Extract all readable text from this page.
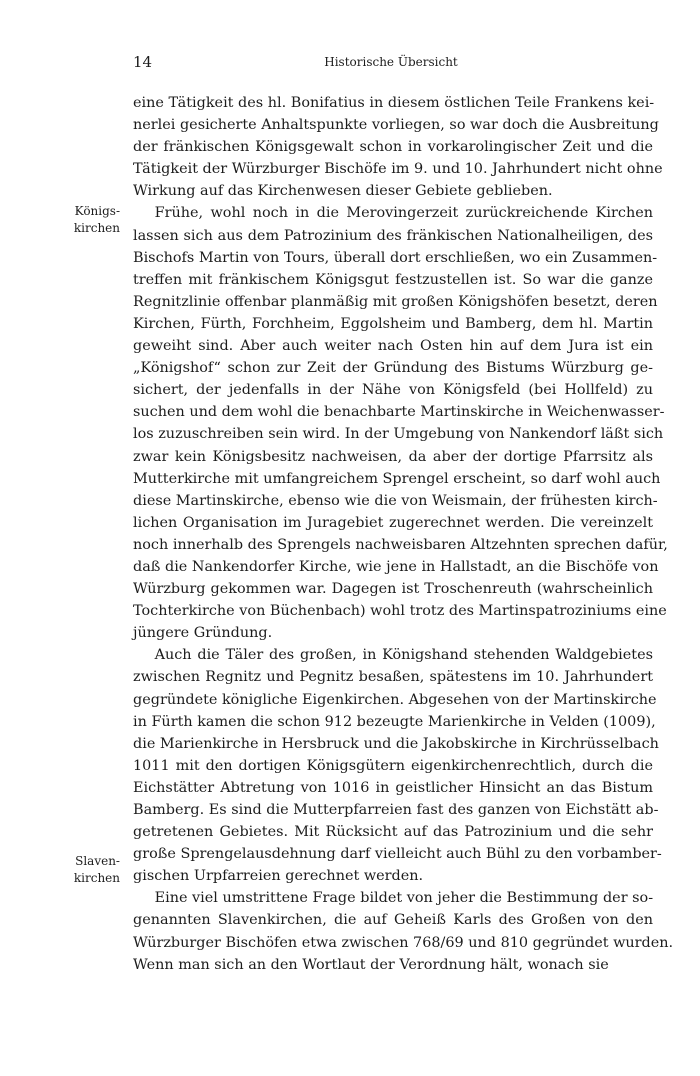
14	Historische Übersicht
Königs-
kirchen
Slaven-
kirchen
eine Tätigkeit des hl. Bonifatius in diesem östlichen Teile Frankens kei-
nerlei gesicherte Anhaltspunkte vorliegen, so war doch die Ausbreitung
der fränkischen Königsgewalt schon in vorkarolingischer Zeit und die
Tätigkeit der Würzburger Bischöfe im 9. und 10. Jahrhundert nicht ohne
Wirkung auf das Kirchenwesen dieser Gebiete geblieben.
  Frühe, wohl noch in die Merovingerzeit zurückreichende Kirchen
lassen sich aus dem Patrozinium des fränkischen Nationalheiligen, des
Bischofs Martin von Tours, überall dort erschließen, wo ein Zusammen-
treffen mit fränkischem Königsgut festzustellen ist. So war die ganze
Regnitzlinie offenbar planmäßig mit großen Königshöfen besetzt, deren
Kirchen, Fürth, Forchheim, Eggolsheim und Bamberg, dem hl. Martin
geweiht sind. Aber auch weiter nach Osten hin auf dem Jura ist ein
„Königshof“ schon zur Zeit der Gründung des Bistums Würzburg ge-
sichert, der jedenfalls in der Nähe von Königsfeld (bei Hollfeld) zu
suchen und dem wohl die benachbarte Martinskirche in Weichenwasser-
los zuzuschreiben sein wird. In der Umgebung von Nankendorf läßt sich
zwar kein Königsbesitz nachweisen, da aber der dortige Pfarrsitz als
Mutterkirche mit umfangreichem Sprengel erscheint, so darf wohl auch
diese Martinskirche, ebenso wie die von Weismain, der frühesten kirch-
lichen Organisation im Juragebiet zugerechnet werden. Die vereinzelt
noch innerhalb des Sprengels nachweisbaren Altzehnten sprechen dafür,
daß die Nankendorfer Kirche, wie jene in Hallstadt, an die Bischöfe von
Würzburg gekommen war. Dagegen ist Troschenreuth (wahrscheinlich
Tochterkirche von Büchenbach) wohl trotz des Martinspatroziniums eine
jüngere Gründung.
  Auch die Täler des großen, in Königshand stehenden Waldgebietes
zwischen Regnitz und Pegnitz besaßen, spätestens im 10. Jahrhundert
gegründete königliche Eigenkirchen. Abgesehen von der Martinskirche
in Fürth kamen die schon 912 bezeugte Marienkirche in Velden (1009),
die Marienkirche in Hersbruck und die Jakobskirche in Kirchrüsselbach
1011 mit den dortigen Königsgütern eigenkirchenrechtlich, durch die
Eichstätter Abtretung von 1016 in geistlicher Hinsicht an das Bistum
Bamberg. Es sind die Mutterpfarreien fast des ganzen von Eichstätt ab-
getretenen Gebietes. Mit Rücksicht auf das Patrozinium und die sehr
große Sprengelausdehnung darf vielleicht auch Bühl zu den vorbamber-
gischen Urpfarreien gerechnet werden.
  Eine viel umstrittene Frage bildet von jeher die Bestimmung der so-
genannten Slavenkirchen, die auf Geheiß Karls des Großen von den
Würzburger Bischöfen etwa zwischen 768/69 und 810 gegründet wurden.
Wenn man sich an den Wortlaut der Verordnung hält, wonach sie
